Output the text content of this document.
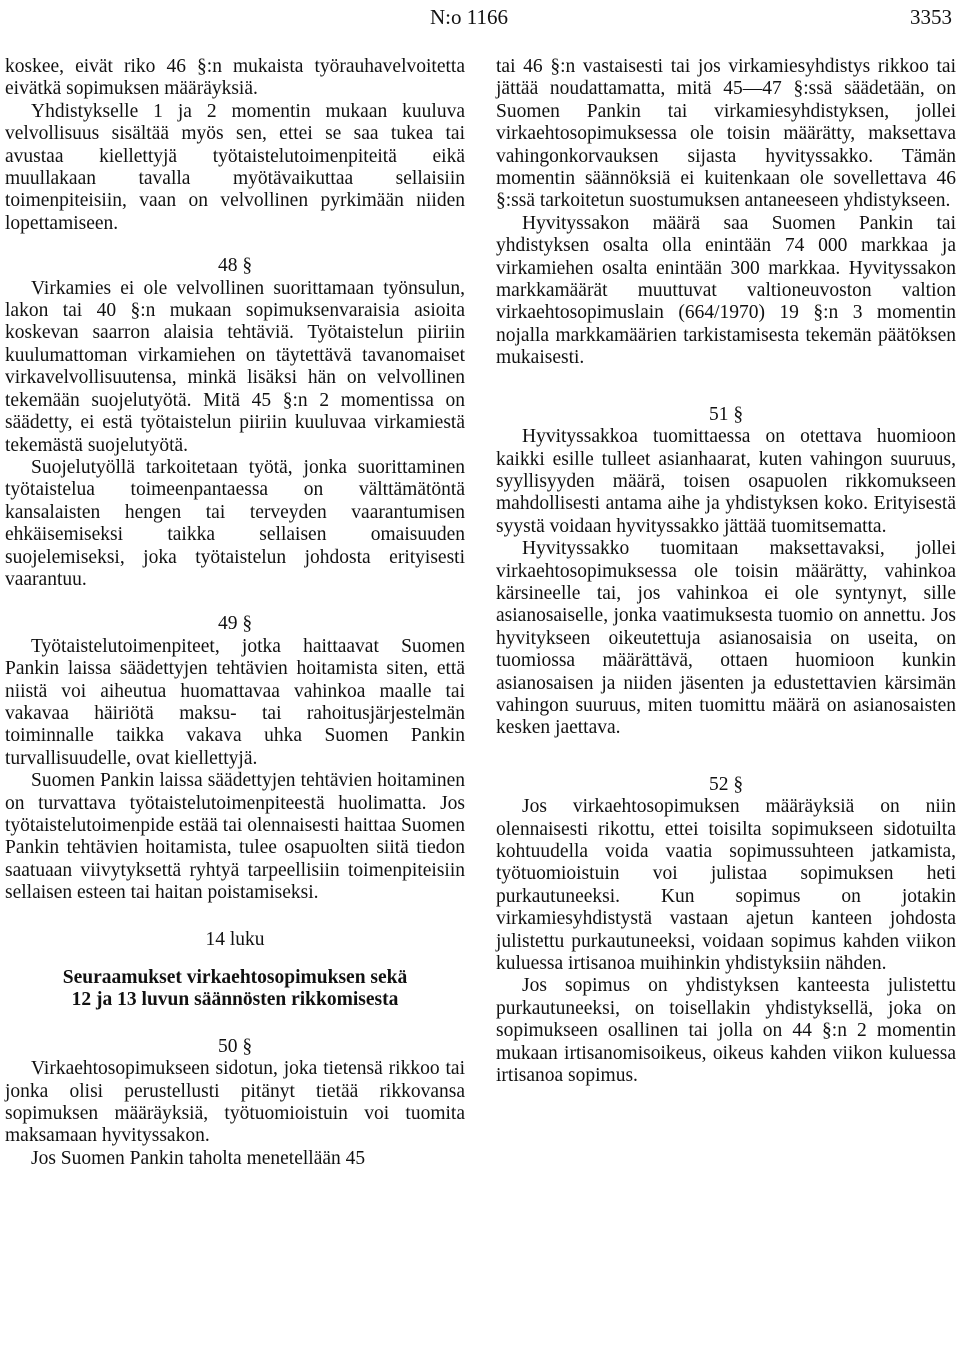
N:o 1166	3353

koskee, eivät riko 46 §:n mukaista työrauhavelvoitetta eivätkä sopimuksen määräyksiä.

Yhdistykselle 1 ja 2 momentin mukaan kuuluva velvollisuus sisältää myös sen, ettei se saa tukea tai avustaa kiellettyjä työtaistelutoimenpiteitä eikä muullakaan tavalla myötävaikuttaa sellaisiin toimenpiteisiin, vaan on velvollinen pyrkimään niiden lopettamiseen.

48 §

Virkamies ei ole velvollinen suorittamaan työnsulun, lakon tai 40 §:n mukaan sopimuksenvaraisia asioita koskevan saarron alaisia tehtäviä. Työtaistelun piiriin kuulumattoman virkamiehen on täytettävä tavanomaiset virkavelvollisuutensa, minkä lisäksi hän on velvollinen tekemään suojelutyötä. Mitä 45 §:n 2 momentissa on säädetty, ei estä työtaistelun piiriin kuuluvaa virkamiestä tekemästä suojelutyötä.

Suojelutyöllä tarkoitetaan työtä, jonka suorittaminen työtaistelua toimeenpantaessa on välttämätöntä kansalaisten hengen tai terveyden vaarantumisen ehkäisemiseksi taikka sellaisen omaisuuden suojelemiseksi, joka työtaistelun johdosta erityisesti vaarantuu.

49 §

Työtaistelutoimenpiteet, jotka haittaavat Suomen Pankin laissa säädettyjen tehtävien hoitamista siten, että niistä voi aiheutua huomattavaa vahinkoa maalle tai vakavaa häiriötä maksu- tai rahoitusjärjestelmän toiminnalle taikka vakava uhka Suomen Pankin turvallisuudelle, ovat kiellettyjä.

Suomen Pankin laissa säädettyjen tehtävien hoitaminen on turvattava työtaistelutoimenpiteestä huolimatta. Jos työtaistelutoimenpide estää tai olennaisesti haittaa Suomen Pankin tehtävien hoitamista, tulee osapuolten siitä tiedon saatuaan viivytyksettä ryhtyä tarpeellisiin toimenpiteisiin sellaisen esteen tai haitan poistamiseksi.

14 luku
Seuraamukset virkaehtosopimuksen sekä
12 ja 13 luvun säännösten rikkomisesta
50 §

Virkaehtosopimukseen sidotun, joka tietensä rikkoo tai jonka olisi perustellusti pitänyt tietää rikkovansa sopimuksen määräyksiä, työtuomioistuin voi tuomita maksamaan hyvityssakon.

Jos Suomen Pankin taholta menetellään 45

tai 46 §:n vastaisesti tai jos virkamiesyhdistys rikkoo tai jättää noudattamatta, mitä 45—47 §:ssä säädetään, on Suomen Pankin tai virkamiesyhdistyksen, jollei virkaehtosopimuksessa ole toisin määrätty, maksettava vahingonkorvauksen sijasta hyvityssakko. Tämän momentin säännöksiä ei kuitenkaan ole sovellettava 46 §:ssä tarkoitetun suostumuksen antaneeseen yhdistykseen.

Hyvityssakon määrä saa Suomen Pankin tai yhdistyksen osalta olla enintään 74 000 markkaa ja virkamiehen osalta enintään 300 markkaa. Hyvityssakon markkamäärät muuttuvat valtioneuvoston valtion virkaehtosopimuslain (664/1970) 19 §:n 3 momentin nojalla markkamäärien tarkistamisesta tekemän päätöksen mukaisesti.

51 §

Hyvityssakkoa tuomittaessa on otettava huomioon kaikki esille tulleet asianhaarat, kuten vahingon suuruus, syyllisyyden määrä, toisen osapuolen rikkomukseen mahdollisesti antama aihe ja yhdistyksen koko. Erityisestä syystä voidaan hyvityssakko jättää tuomitsematta.

Hyvityssakko tuomitaan maksettavaksi, jollei virkaehtosopimuksessa ole toisin määrätty, vahinkoa kärsineelle tai, jos vahinkoa ei ole syntynyt, sille asianosaiselle, jonka vaatimuksesta tuomio on annettu. Jos hyvitykseen oikeutettuja asianosaisia on useita, on tuomiossa määrättävä, ottaen huomioon kunkin asianosaisen ja niiden jäsenten ja edustettavien kärsimän vahingon suuruus, miten tuomittu määrä on asianosaisten kesken jaettava.

52 §

Jos virkaehtosopimuksen määräyksiä on niin olennaisesti rikottu, ettei toisilta sopimukseen sidotuilta kohtuudella voida vaatia sopimussuhteen jatkamista, työtuomioistuin voi julistaa sopimuksen heti purkautuneeksi. Kun sopimus on jotakin virkamiesyhdistystä vastaan ajetun kanteen johdosta julistettu purkautuneeksi, voidaan sopimus kahden viikon kuluessa irtisanoa muihinkin yhdistyksiin nähden.

Jos sopimus on yhdistyksen kanteesta julistettu purkautuneeksi, on toisellakin yhdistyksellä, joka on sopimukseen osallinen tai jolla on 44 §:n 2 momentin mukaan irtisanomisoikeus, oikeus kahden viikon kuluessa irtisanoa sopimus.
